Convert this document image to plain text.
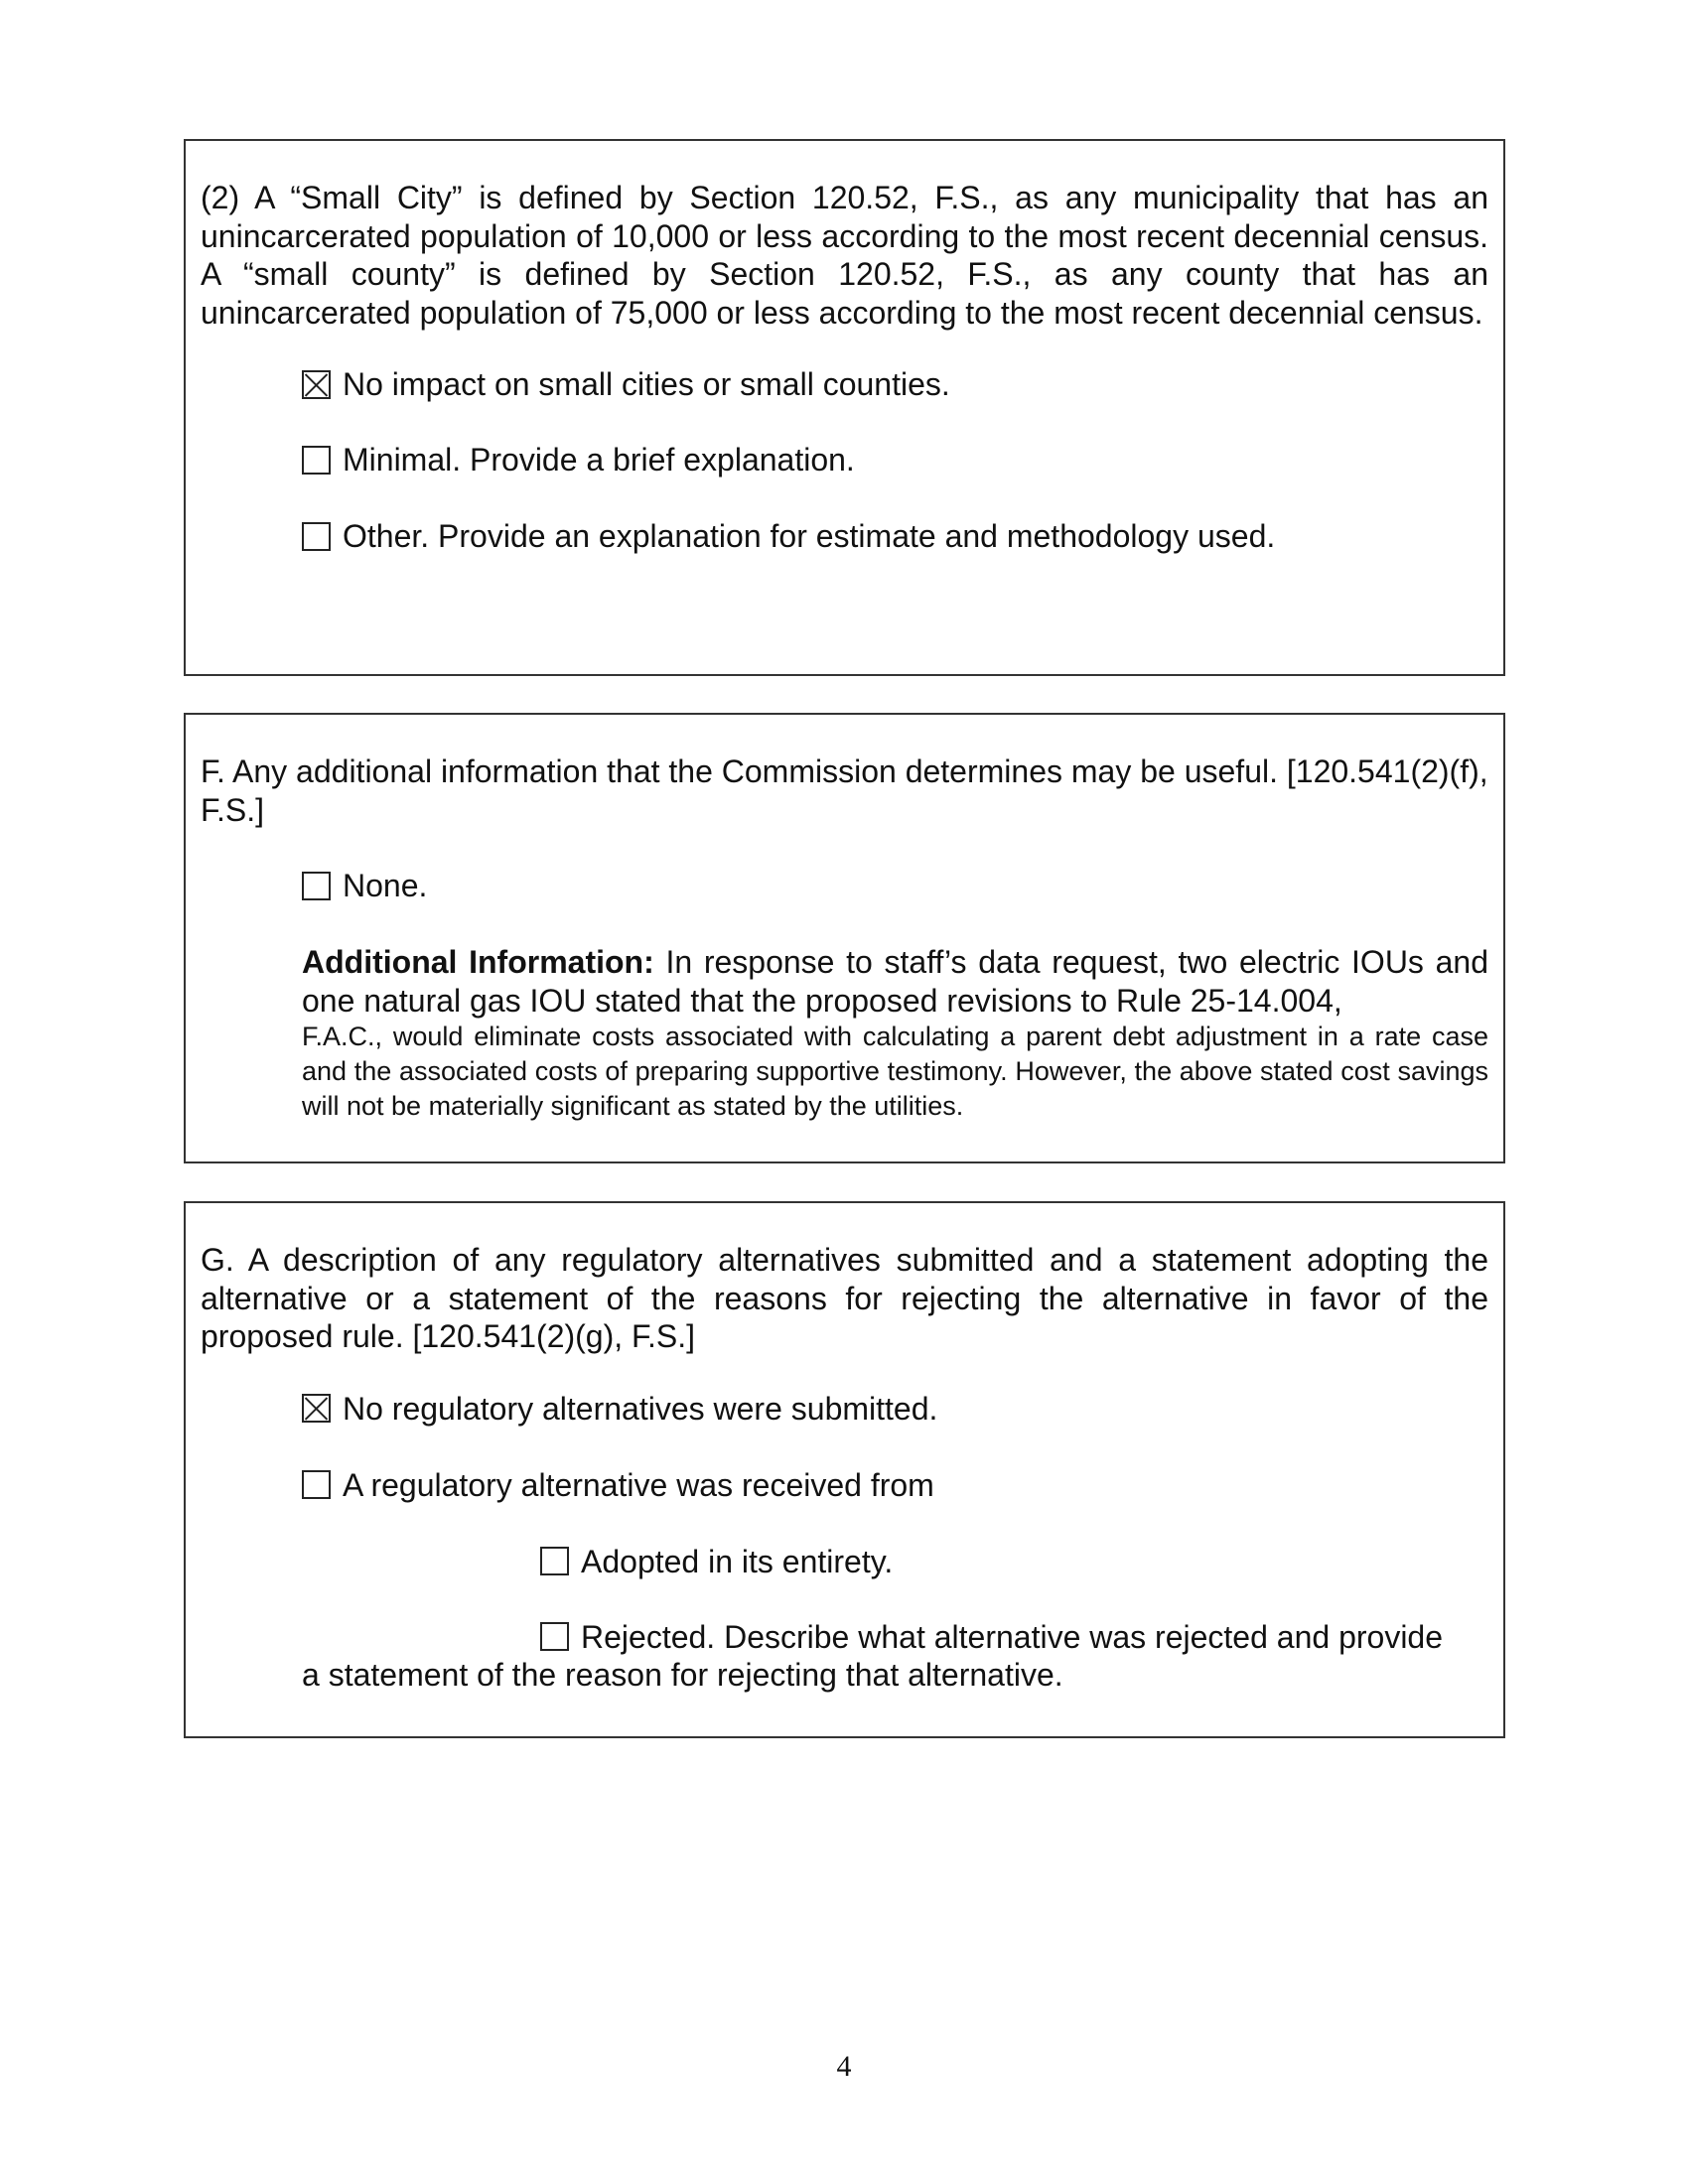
(2) A “Small City” is defined by Section 120.52, F.S., as any municipality that has an unincarcerated population of 10,000 or less according to the most recent decennial census. A “small county” is defined by Section 120.52, F.S., as any county that has an unincarcerated population of 75,000 or less according to the most recent decennial census.

No impact on small cities or small counties.
Minimal. Provide a brief explanation.
Other. Provide an explanation for estimate and methodology used.

F. Any additional information that the Commission determines may be useful. [120.541(2)(f), F.S.]

None.
Additional Information: In response to staff’s data request, two electric IOUs and one natural gas IOU stated that the proposed revisions to Rule 25-14.004,
F.A.C., would eliminate costs associated with calculating a parent debt adjustment in a rate case and the associated costs of preparing supportive testimony. However, the above stated cost savings will not be materially significant as stated by the utilities.

G. A description of any regulatory alternatives submitted and a statement adopting the alternative or a statement of the reasons for rejecting the alternative in favor of the proposed rule. [120.541(2)(g), F.S.]

No regulatory alternatives were submitted.
A regulatory alternative was received from
Adopted in its entirety.
Rejected. Describe what alternative was rejected and provide
a statement of the reason for rejecting that alternative.
4
